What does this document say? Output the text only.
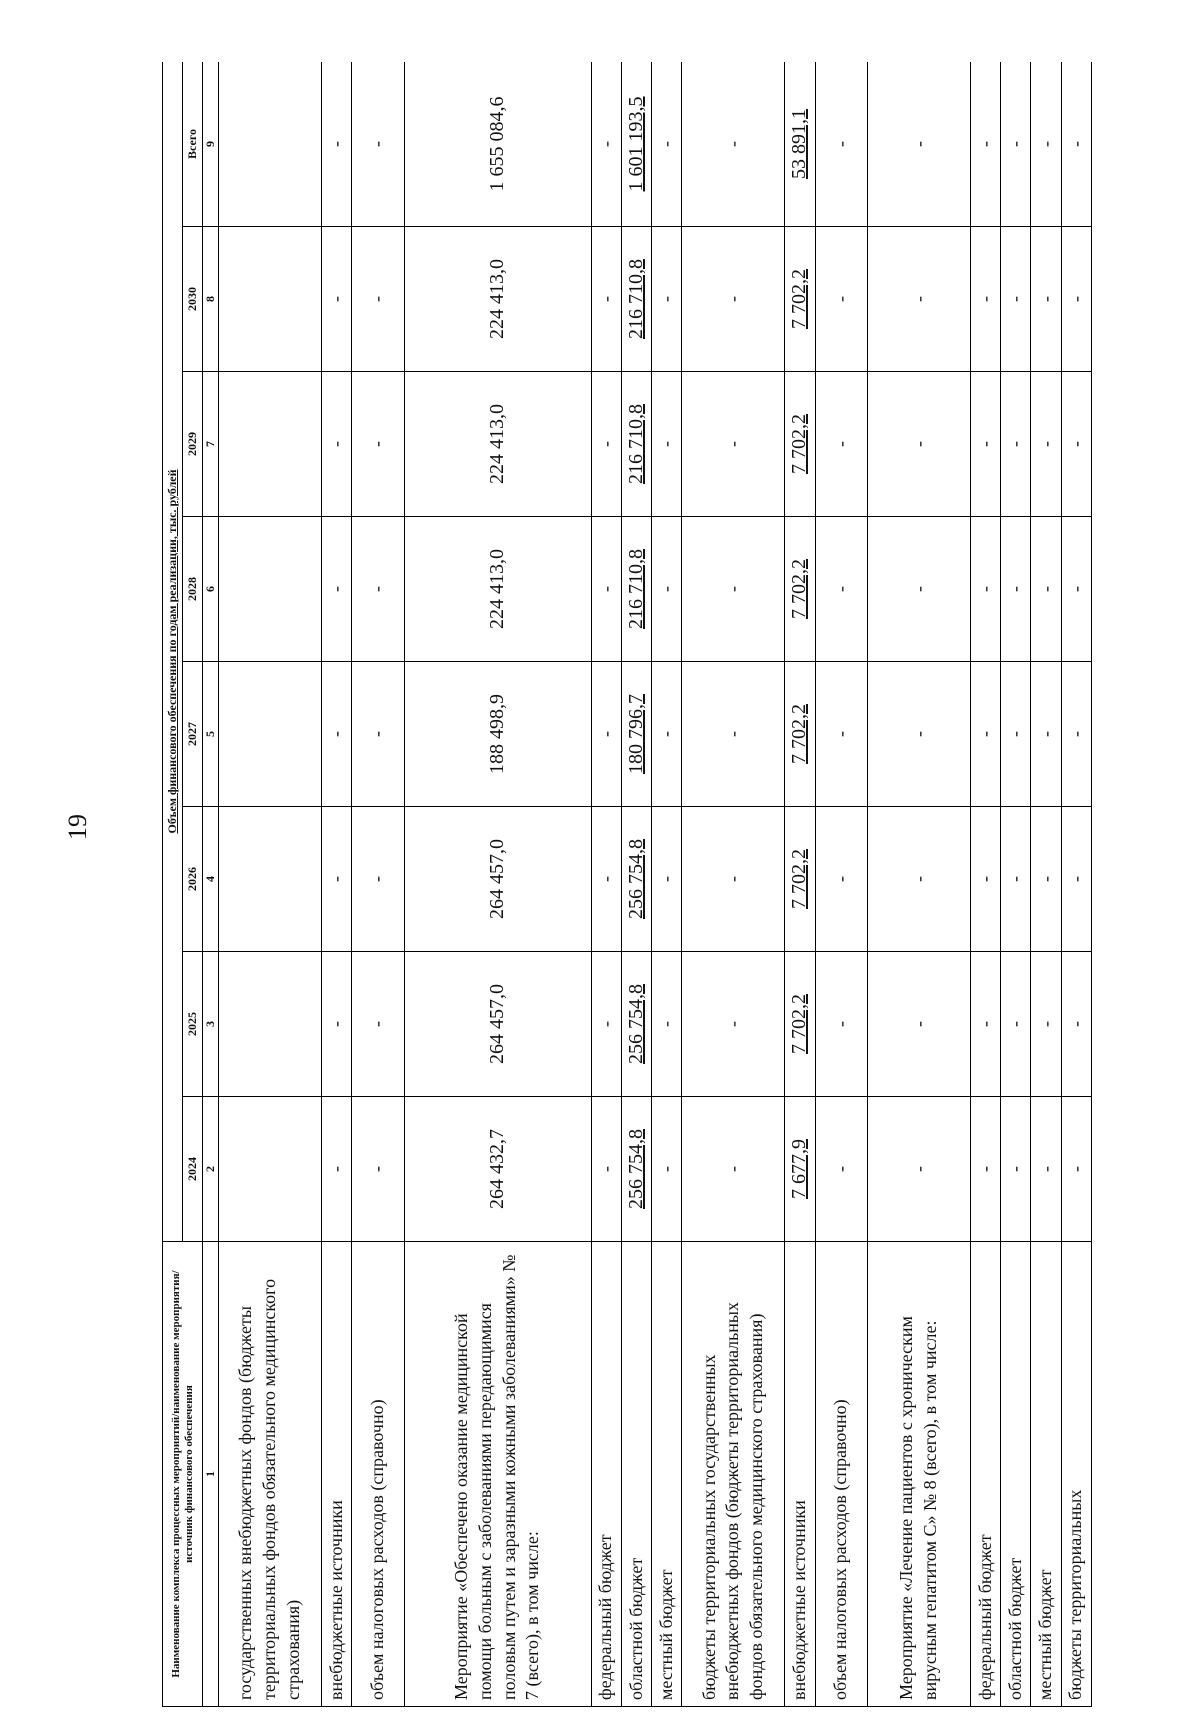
19
Наименование комплекса процессных мероприятий/наименование мероприятия/источник финансового обеспечения	Объем финансового обеспечения по годам реализации, тыс. рублей							
	2024	2025	2026	2027	2028	2029	2030	Всего
1	2	3	4	5	6	7	8	9
государственных внебюджетных фондов (бюджеты территориальных фондов обязательного медицинского страхования)								
внебюджетные источники	-	-	-	-	-	-	-	-
объем налоговых расходов (справочно)	-	-	-	-	-	-	-	-
Мероприятие «Обеспечено оказание медицинской помощи больным с заболеваниями передающимися половым путем и заразными кожными заболеваниями» № 7 (всего), в том числе:	264 432,7	264 457,0	264 457,0	188 498,9	224 413,0	224 413,0	224 413,0	1 655 084,6
федеральный бюджет	-	-	-	-	-	-	-	-
областной бюджет	256 754,8	256 754,8	256 754,8	180 796,7	216 710,8	216 710,8	216 710,8	1 601 193,5
местный бюджет	-	-	-	-	-	-	-	-
бюджеты территориальных государственных внебюджетных фондов (бюджеты территориальных фондов обязательного медицинского страхования)	-	-	-	-	-	-	-	-
внебюджетные источники	7 677,9	7 702,2	7 702,2	7 702,2	7 702,2	7 702,2	7 702,2	53 891,1
объем налоговых расходов (справочно)	-	-	-	-	-	-	-	-
Мероприятие «Лечение пациентов с хроническим вирусным гепатитом С» № 8 (всего), в том числе:	-	-	-	-	-	-	-	-
федеральный бюджет	-	-	-	-	-	-	-	-
областной бюджет	-	-	-	-	-	-	-	-
местный бюджет	-	-	-	-	-	-	-	-
бюджеты территориальных	-	-	-	-	-	-	-	-
